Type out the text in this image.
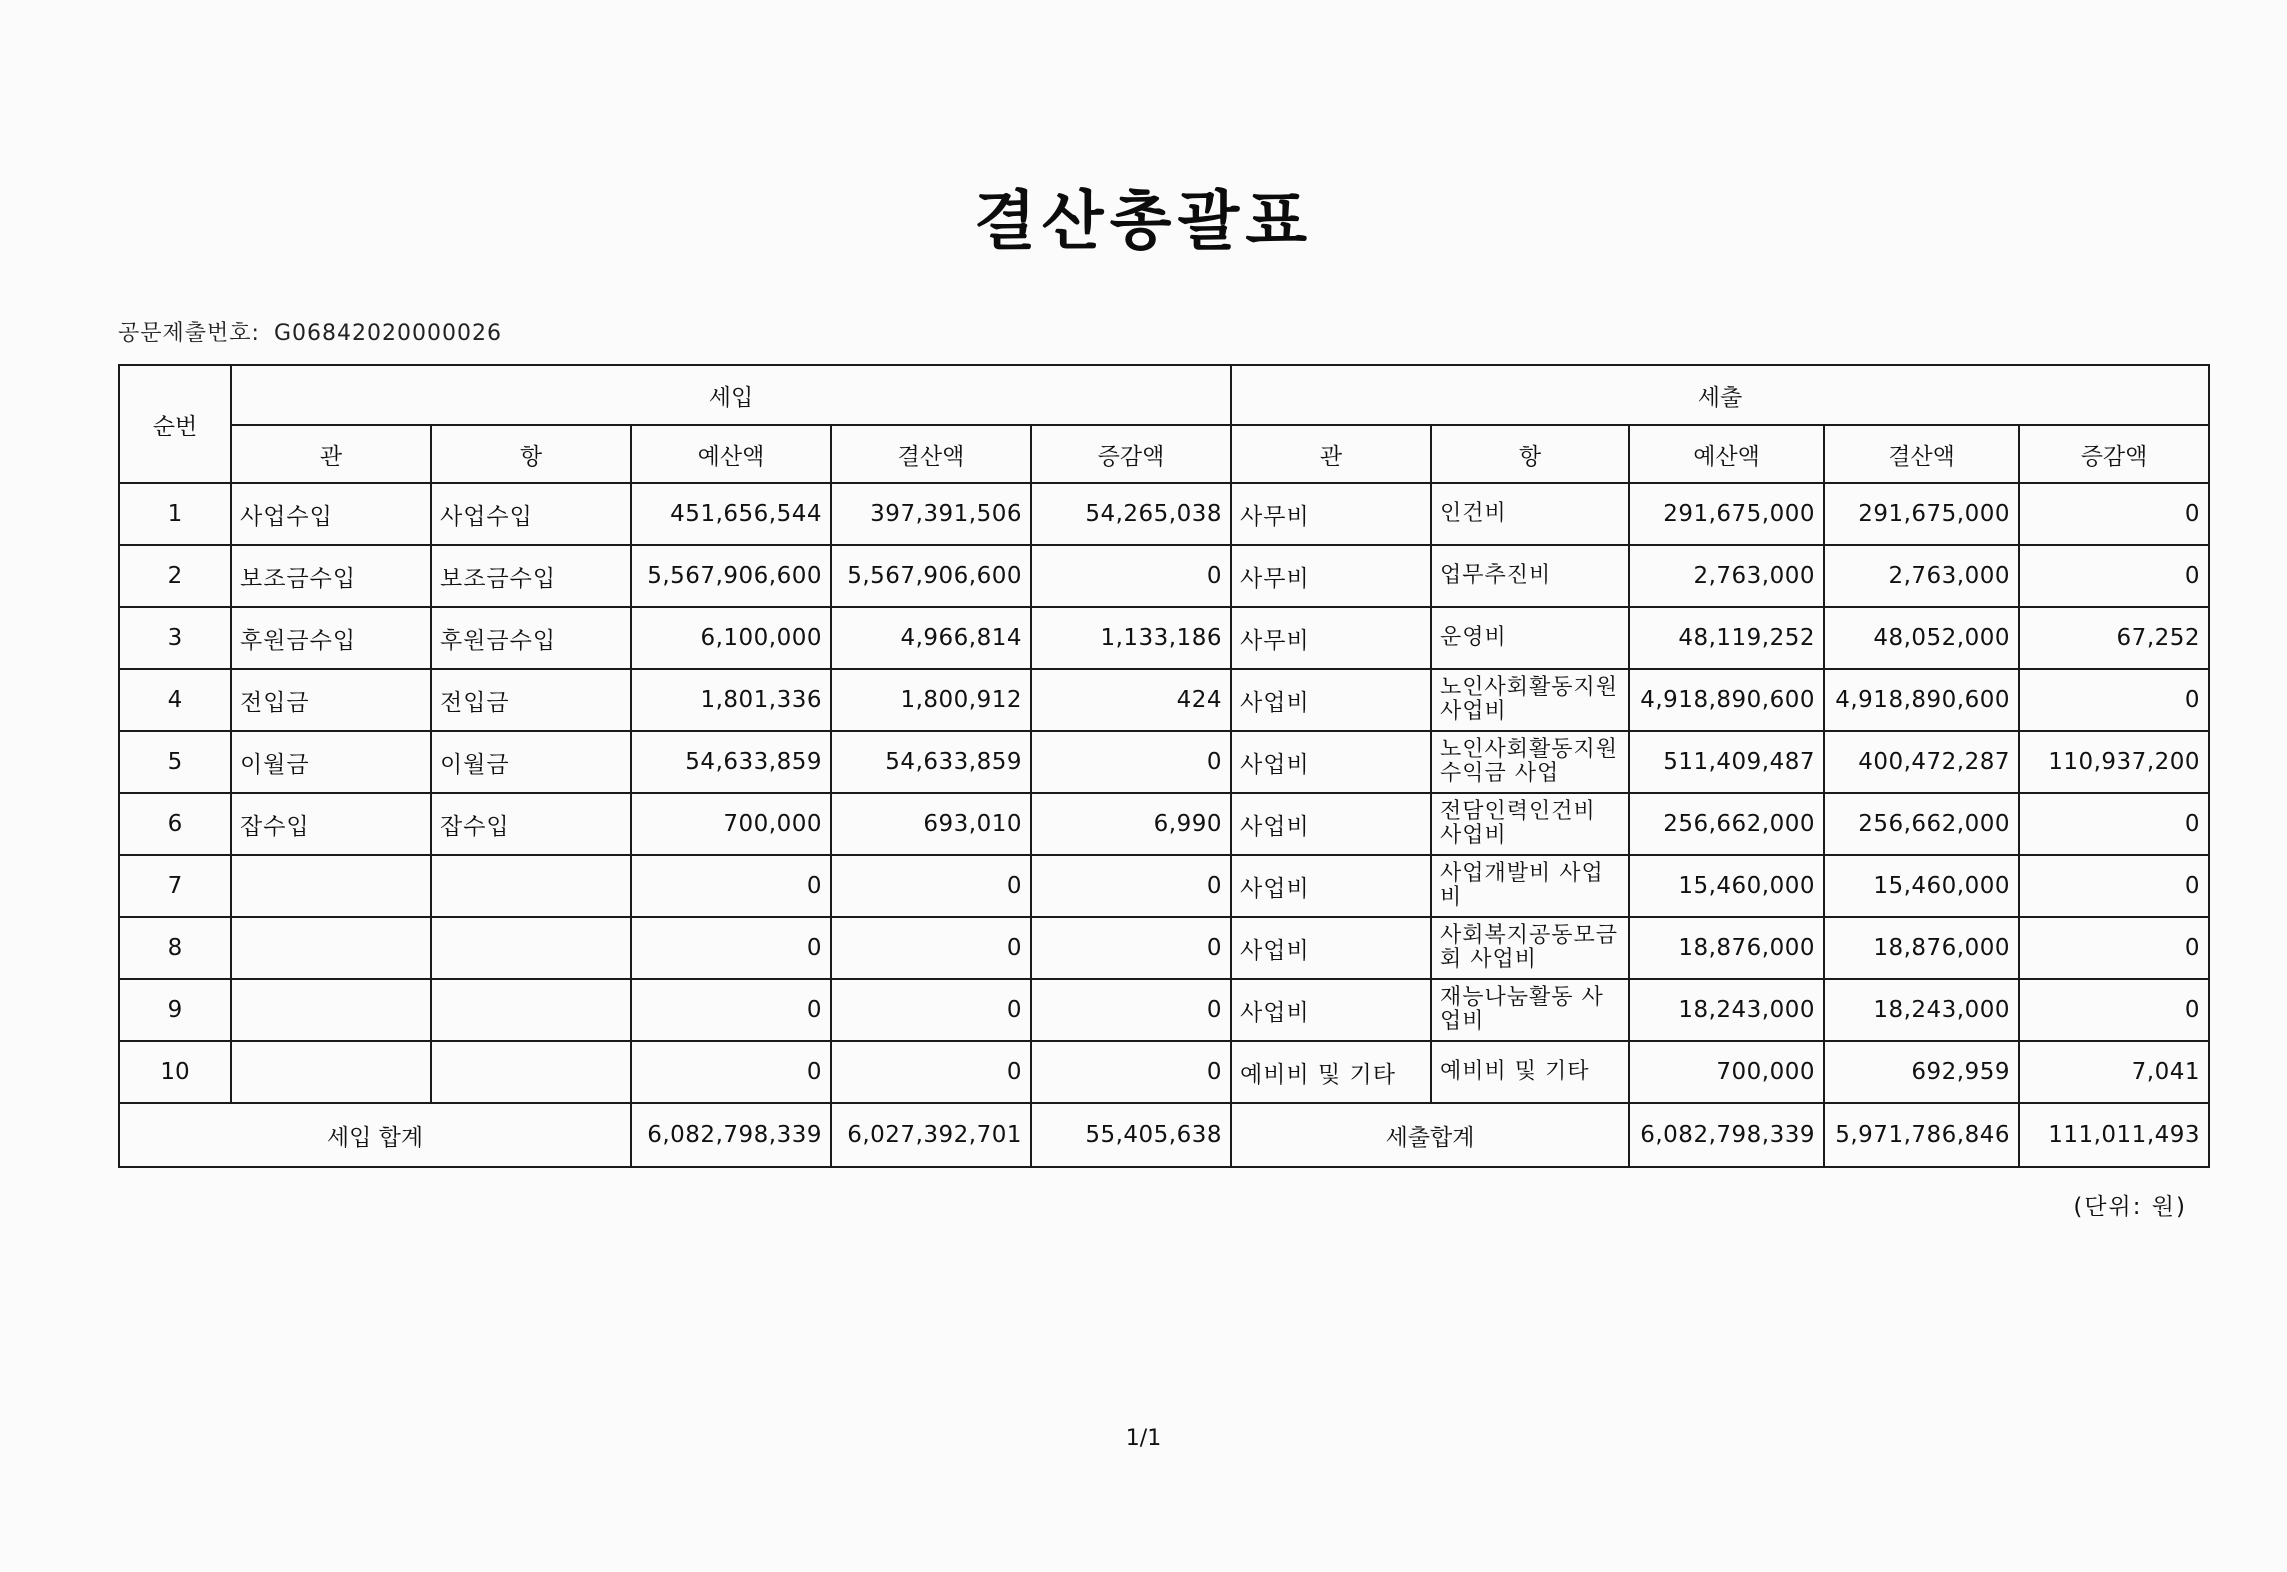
결산총괄표
공문제출번호: G06842020000026
순번	세입					세출				
	관	항	예산액	결산액	증감액	관	항	예산액	결산액	증감액
1	사업수입	사업수입	451,656,544	397,391,506	54,265,038	사무비	인건비	291,675,000	291,675,000	0
2	보조금수입	보조금수입	5,567,906,600	5,567,906,600	0	사무비	업무추진비	2,763,000	2,763,000	0
3	후원금수입	후원금수입	6,100,000	4,966,814	1,133,186	사무비	운영비	48,119,252	48,052,000	67,252
4	전입금	전입금	1,801,336	1,800,912	424	사업비	노인사회활동지원 사업비	4,918,890,600	4,918,890,600	0
5	이월금	이월금	54,633,859	54,633,859	0	사업비	노인사회활동지원 수익금 사업	511,409,487	400,472,287	110,937,200
6	잡수입	잡수입	700,000	693,010	6,990	사업비	전담인력인건비 사업비	256,662,000	256,662,000	0
7			0	0	0	사업비	사업개발비 사업비	15,460,000	15,460,000	0
8			0	0	0	사업비	사회복지공동모금회 사업비	18,876,000	18,876,000	0
9			0	0	0	사업비	재능나눔활동 사업비	18,243,000	18,243,000	0
10			0	0	0	예비비 및 기타	예비비 및 기타	700,000	692,959	7,041
세입 합계			6,082,798,339	6,027,392,701	55,405,638	세출합계		6,082,798,339	5,971,786,846	111,011,493
(단위: 원)
1/1
